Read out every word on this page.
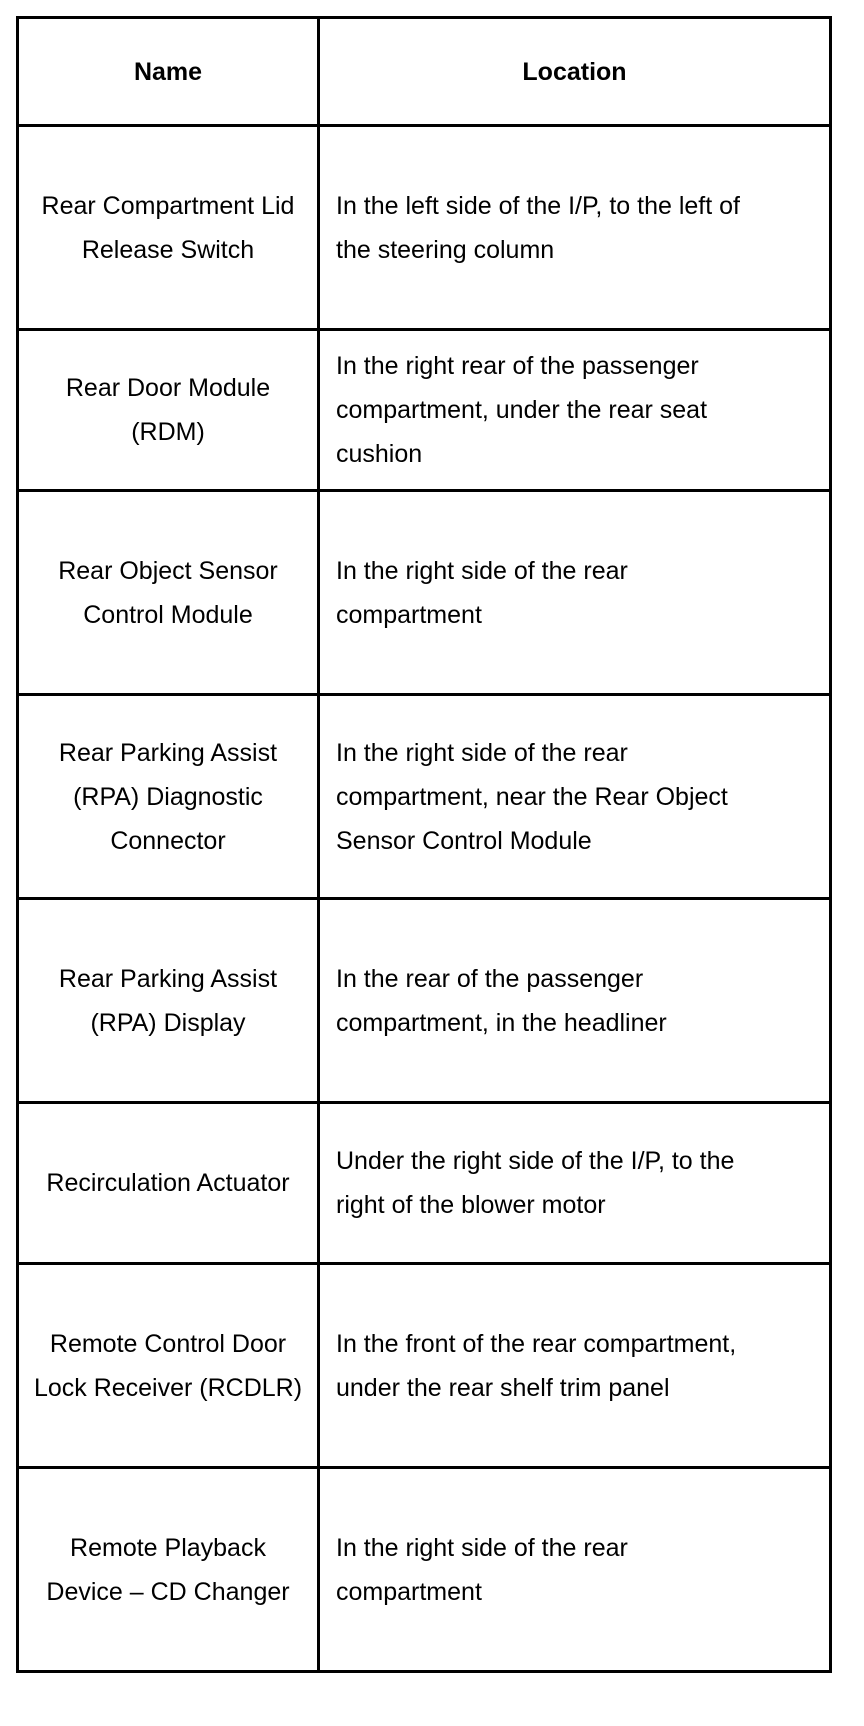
Name	Location
Rear Compartment Lid Release Switch	In the left side of the I/P, to the left of the steering column
Rear Door Module (RDM)	In the right rear of the passenger compartment, under the rear seat cushion
Rear Object Sensor Control Module	In the right side of the rear compartment
Rear Parking Assist (RPA) Diagnostic Connector	In the right side of the rear compartment, near the Rear Object Sensor Control Module
Rear Parking Assist (RPA) Display	In the rear of the passenger compartment, in the headliner
Recirculation Actuator	Under the right side of the I/P, to the right of the blower motor
Remote Control Door Lock Receiver (RCDLR)	In the front of the rear compartment, under the rear shelf trim panel
Remote Playback Device – CD Changer	In the right side of the rear compartment
